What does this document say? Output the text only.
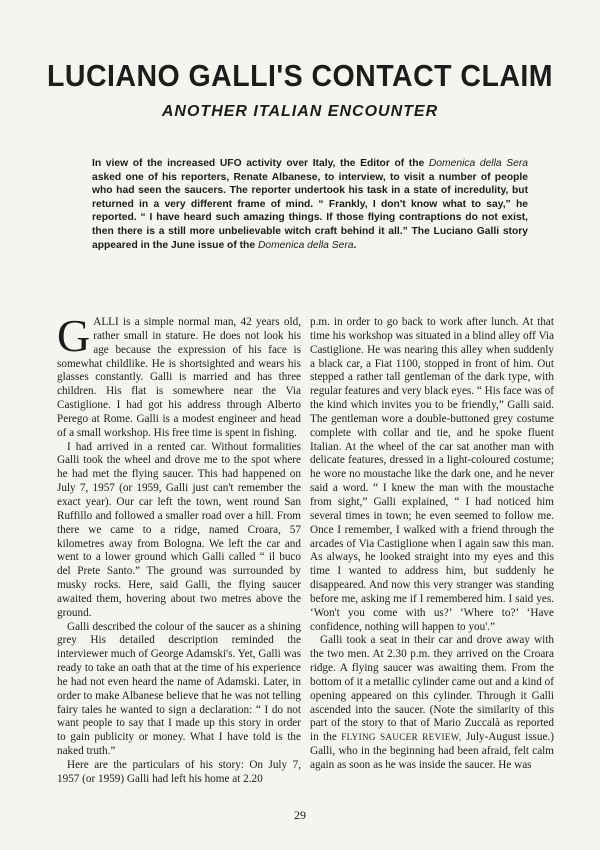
LUCIANO GALLI'S CONTACT CLAIM
ANOTHER ITALIAN ENCOUNTER

In view of the increased UFO activity over Italy, the Editor of the Domenica della Sera asked one of his reporters, Renate Albanese, to interview, to visit a number of people who had seen the saucers. The reporter undertook his task in a state of incredulity, but returned in a very different frame of mind. “ Frankly, I don't know what to say,” he reported. “ I have heard such amazing things. If those flying contraptions do not exist, then there is a still more unbelievable witch craft behind it all.” The Luciano Galli story appeared in the June issue of the Domenica della Sera.

GALLI is a simple normal man, 42 years old, rather small in stature. He does not look his age because the expression of his face is somewhat childlike. He is shortsighted and wears his glasses constantly. Galli is married and has three children. His flat is somewhere near the Via Castiglione. I had got his address through Alberto Perego at Rome. Galli is a modest engineer and head of a small workshop. His free time is spent in fishing.

I had arrived in a rented car. Without formalities Galli took the wheel and drove me to the spot where he had met the flying saucer. This had happened on July 7, 1957 (or 1959, Galli just can't remember the exact year). Our car left the town, went round San Ruffillo and followed a smaller road over a hill. From there we came to a ridge, named Croara, 57 kilometres away from Bologna. We left the car and went to a lower ground which Galli called “ il buco del Prete Santo.” The ground was surrounded by musky rocks. Here, said Galli, the flying saucer awaited them, hovering about two metres above the ground.

Galli described the colour of the saucer as a shining grey His detailed description reminded the interviewer much of George Adamski's. Yet, Galli was ready to take an oath that at the time of his experience he had not even heard the name of Adamski. Later, in order to make Albanese believe that he was not telling fairy tales he wanted to sign a declaration: “ I do not want people to say that I made up this story in order to gain publicity or money. What I have told is the naked truth.”

Here are the particulars of his story: On July 7, 1957 (or 1959) Galli had left his home at 2.20

p.m. in order to go back to work after lunch. At that time his workshop was situated in a blind alley off Via Castiglione. He was nearing this alley when suddenly a black car, a Fiat 1100, stopped in front of him. Out stepped a rather tall gentleman of the dark type, with regular features and very black eyes. “ His face was of the kind which invites you to be friendly,” Galli said. The gentleman wore a double-buttoned grey costume complete with collar and tie, and he spoke fluent Italian. At the wheel of the car sat another man with delicate features, dressed in a light-coloured costume; he wore no moustache like the dark one, and he never said a word. “ I knew the man with the moustache from sight,” Galli explained, “ I had noticed him several times in town; he even seemed to follow me. Once I remember, I walked with a friend through the arcades of Via Castiglione when I again saw this man. As always, he looked straight into my eyes and this time I wanted to address him, but suddenly he disappeared. And now this very stranger was standing before me, asking me if I remembered him. I said yes. ‘Won't you come with us?’ ‘Where to?’ ‘Have confidence, nothing will happen to you'.”

Galli took a seat in their car and drove away with the two men. At 2.30 p.m. they arrived on the Croara ridge. A flying saucer was awaiting them. From the bottom of it a metallic cylinder came out and a kind of opening appeared on this cylinder. Through it Galli ascended into the saucer. (Note the similarity of this part of the story to that of Mario Zuccalà as reported in the FLYING SAUCER REVIEW, July-August issue.) Galli, who in the beginning had been afraid, felt calm again as soon as he was inside the saucer. He was

29
